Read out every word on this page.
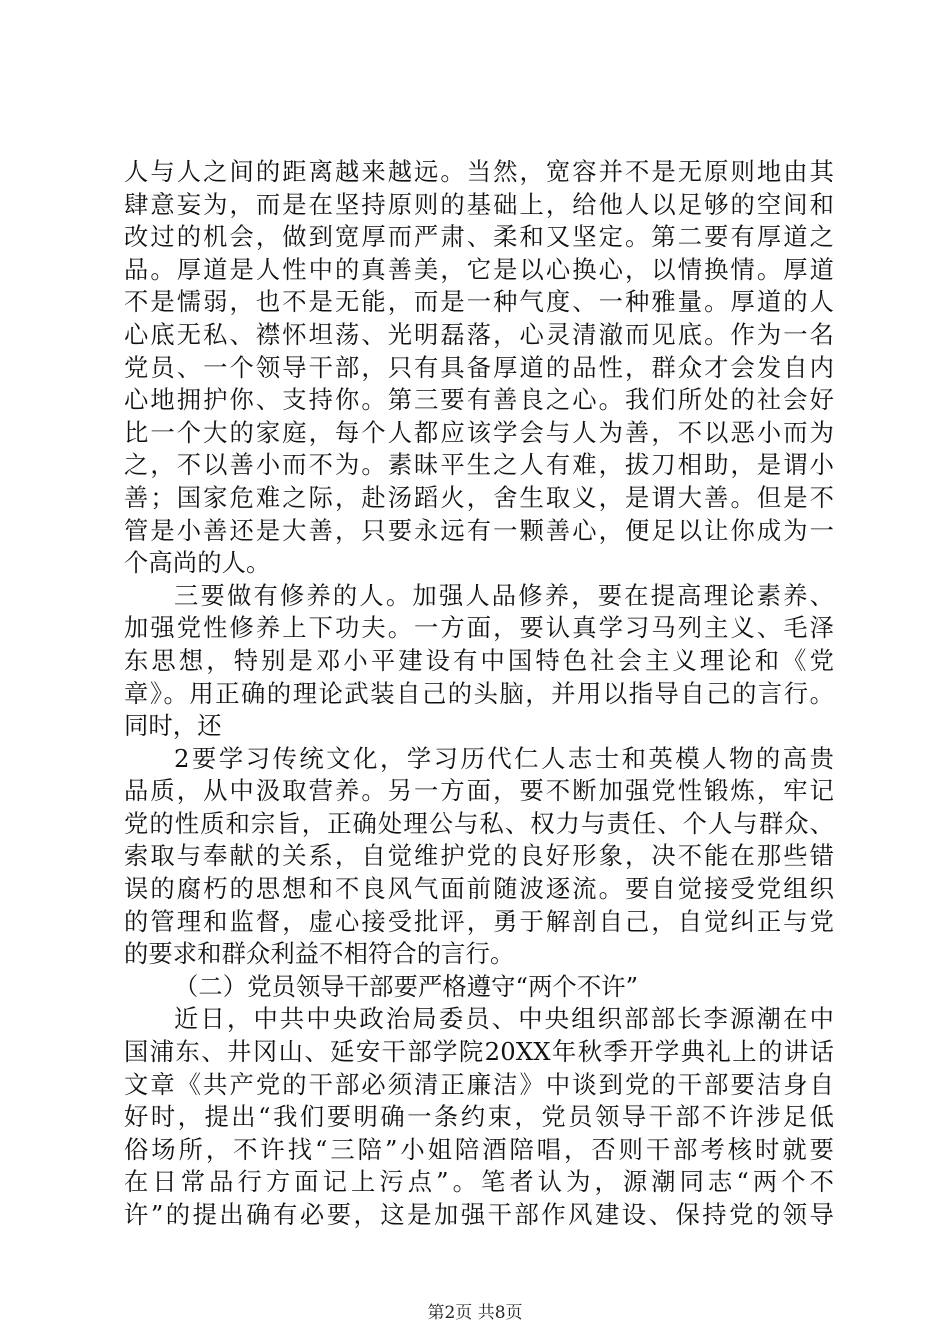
人与人之间的距离越来越远。当然，宽容并不是无原则地由其
肆意妄为，而是在坚持原则的基础上，给他人以足够的空间和
改过的机会，做到宽厚而严肃、柔和又坚定。第二要有厚道之
品。厚道是人性中的真善美，它是以心换心，以情换情。厚道
不是懦弱，也不是无能，而是一种气度、一种雅量。厚道的人
心底无私、襟怀坦荡、光明磊落，心灵清澈而见底。作为一名
党员、一个领导干部，只有具备厚道的品性，群众才会发自内
心地拥护你、支持你。第三要有善良之心。我们所处的社会好
比一个大的家庭，每个人都应该学会与人为善，不以恶小而为
之，不以善小而不为。素昧平生之人有难，拔刀相助，是谓小
善；国家危难之际，赴汤蹈火，舍生取义，是谓大善。但是不
管是小善还是大善，只要永远有一颗善心，便足以让你成为一
个高尚的人。
三要做有修养的人。加强人品修养，要在提高理论素养、
加强党性修养上下功夫。一方面，要认真学习马列主义、毛泽
东思想，特别是邓小平建设有中国特色社会主义理论和《党
章》。用正确的理论武装自己的头脑，并用以指导自己的言行。
同时，还
2要学习传统文化，学习历代仁人志士和英模人物的高贵
品质，从中汲取营养。另一方面，要不断加强党性锻炼，牢记
党的性质和宗旨，正确处理公与私、权力与责任、个人与群众、
索取与奉献的关系，自觉维护党的良好形象，决不能在那些错
误的腐朽的思想和不良风气面前随波逐流。要自觉接受党组织
的管理和监督，虚心接受批评，勇于解剖自己，自觉纠正与党
的要求和群众利益不相符合的言行。
（二）党员领导干部要严格遵守“两个不许”
近日，中共中央政治局委员、中央组织部部长李源潮在中
国浦东、井冈山、延安干部学院20XX年秋季开学典礼上的讲话
文章《共产党的干部必须清正廉洁》中谈到党的干部要洁身自
好时，提出“我们要明确一条约束，党员领导干部不许涉足低
俗场所，不许找“三陪”小姐陪酒陪唱，否则干部考核时就要
在日常品行方面记上污点”。笔者认为，源潮同志“两个不
许”的提出确有必要，这是加强干部作风建设、保持党的领导
第2页 共8页
